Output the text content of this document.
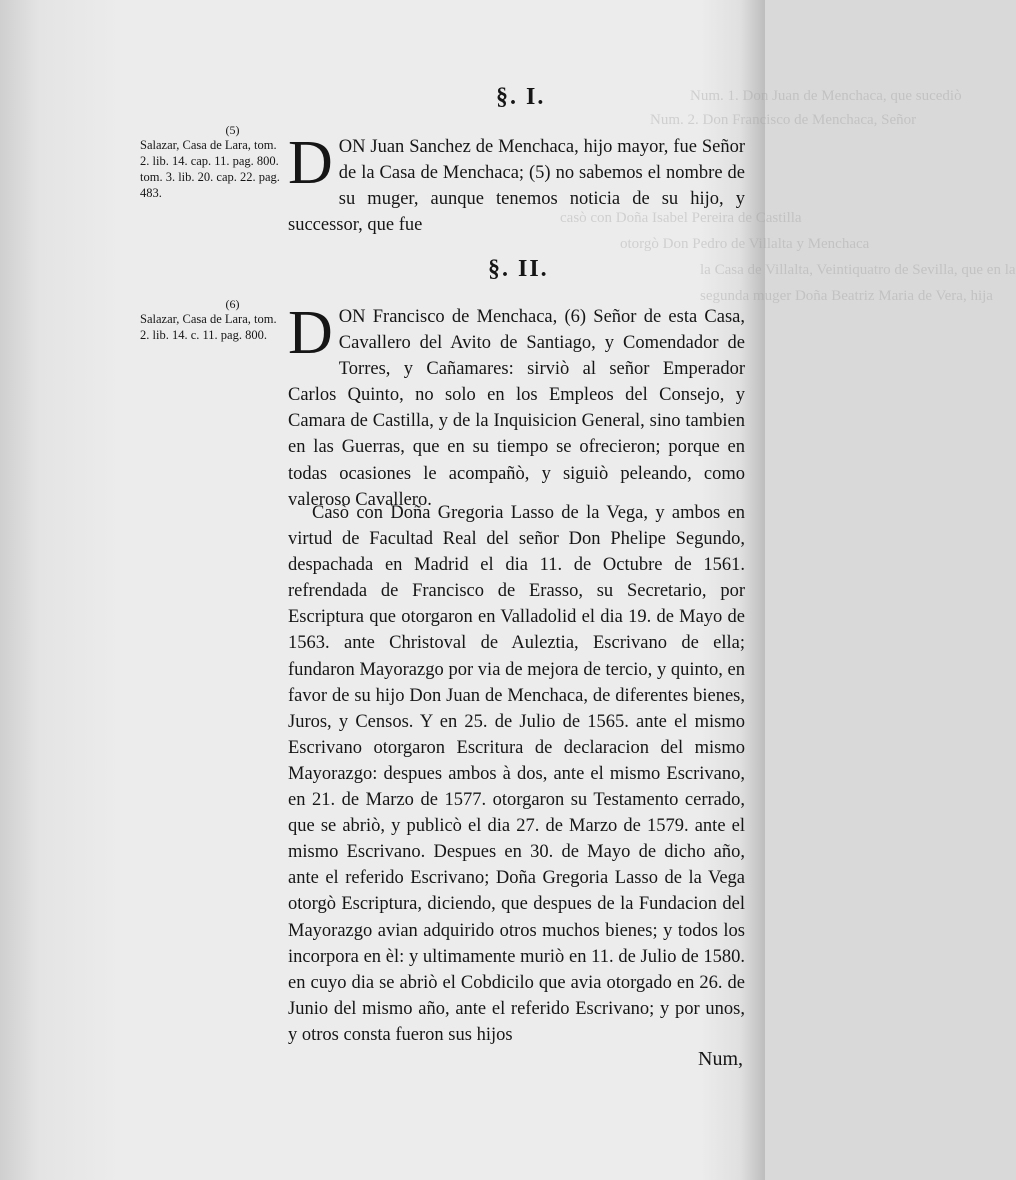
Num. 1. Don Juan de Menchaca, que sucediò
Num. 2. Don Francisco de Menchaca, Señor
casò con Doña Isabel Pereira de Castilla
otorgò Don Pedro de Villalta y Menchaca
la Casa de Villalta, Veintiquatro de Sevilla, que en la
segunda muger Doña Beatriz Maria de Vera, hija
§. I.
(5)
Salazar, Casa de Lara, tom. 2. lib. 14. cap. 11. pag. 800. tom. 3. lib. 20. cap. 22. pag. 483.	DON Juan Sanchez de Menchaca, hijo mayor, fue Señor de la Casa de Menchaca; (5) no sabemos el nombre de su muger, aunque tenemos noticia de su hijo, y successor, que fue
§. II.
(6)
Salazar, Casa de Lara, tom. 2. lib. 14. c. 11. pag. 800. DON Francisco de Menchaca, (6) Señor de esta Casa, Cavallero del Avito de Santiago, y Comendador de Torres, y Cañamares: sirviò al señor Emperador Carlos Quinto, no solo en los Empleos del Consejo, y Camara de Castilla, y de la Inquisicion General, sino tambien en las Guerras, que en su tiempo se ofrecieron; porque en todas ocasiones le acompañò, y siguiò peleando, como valeroso Cavallero.
Casò con Doña Gregoria Lasso de la Vega, y ambos en virtud de Facultad Real del señor Don Phelipe Segundo, despachada en Madrid el dia 11. de Octubre de 1561. refrendada de Francisco de Erasso, su Secretario, por Escriptura que otorgaron en Valladolid el dia 19. de Mayo de 1563. ante Christoval de Auleztia, Escrivano de ella; fundaron Mayorazgo por via de mejora de tercio, y quinto, en favor de su hijo Don Juan de Menchaca, de diferentes bienes, Juros, y Censos. Y en 25. de Julio de 1565. ante el mismo Escrivano otorgaron Escritura de declaracion del mismo Mayorazgo: despues ambos à dos, ante el mismo Escrivano, en 21. de Marzo de 1577. otorgaron su Testamento cerrado, que se abriò, y publicò el dia 27. de Marzo de 1579. ante el mismo Escrivano. Despues en 30. de Mayo de dicho año, ante el referido Escrivano; Doña Gregoria Lasso de la Vega otorgò Escriptura, diciendo, que despues de la Fundacion del Mayorazgo avian adquirido otros muchos bienes; y todos los incorpora en èl: y ultimamente muriò en 11. de Julio de 1580. en cuyo dia se abriò el Cobdicilo que avia otorgado en 26. de Junio del mismo año, ante el referido Escrivano; y por unos, y otros consta fueron sus hijos
Num,
